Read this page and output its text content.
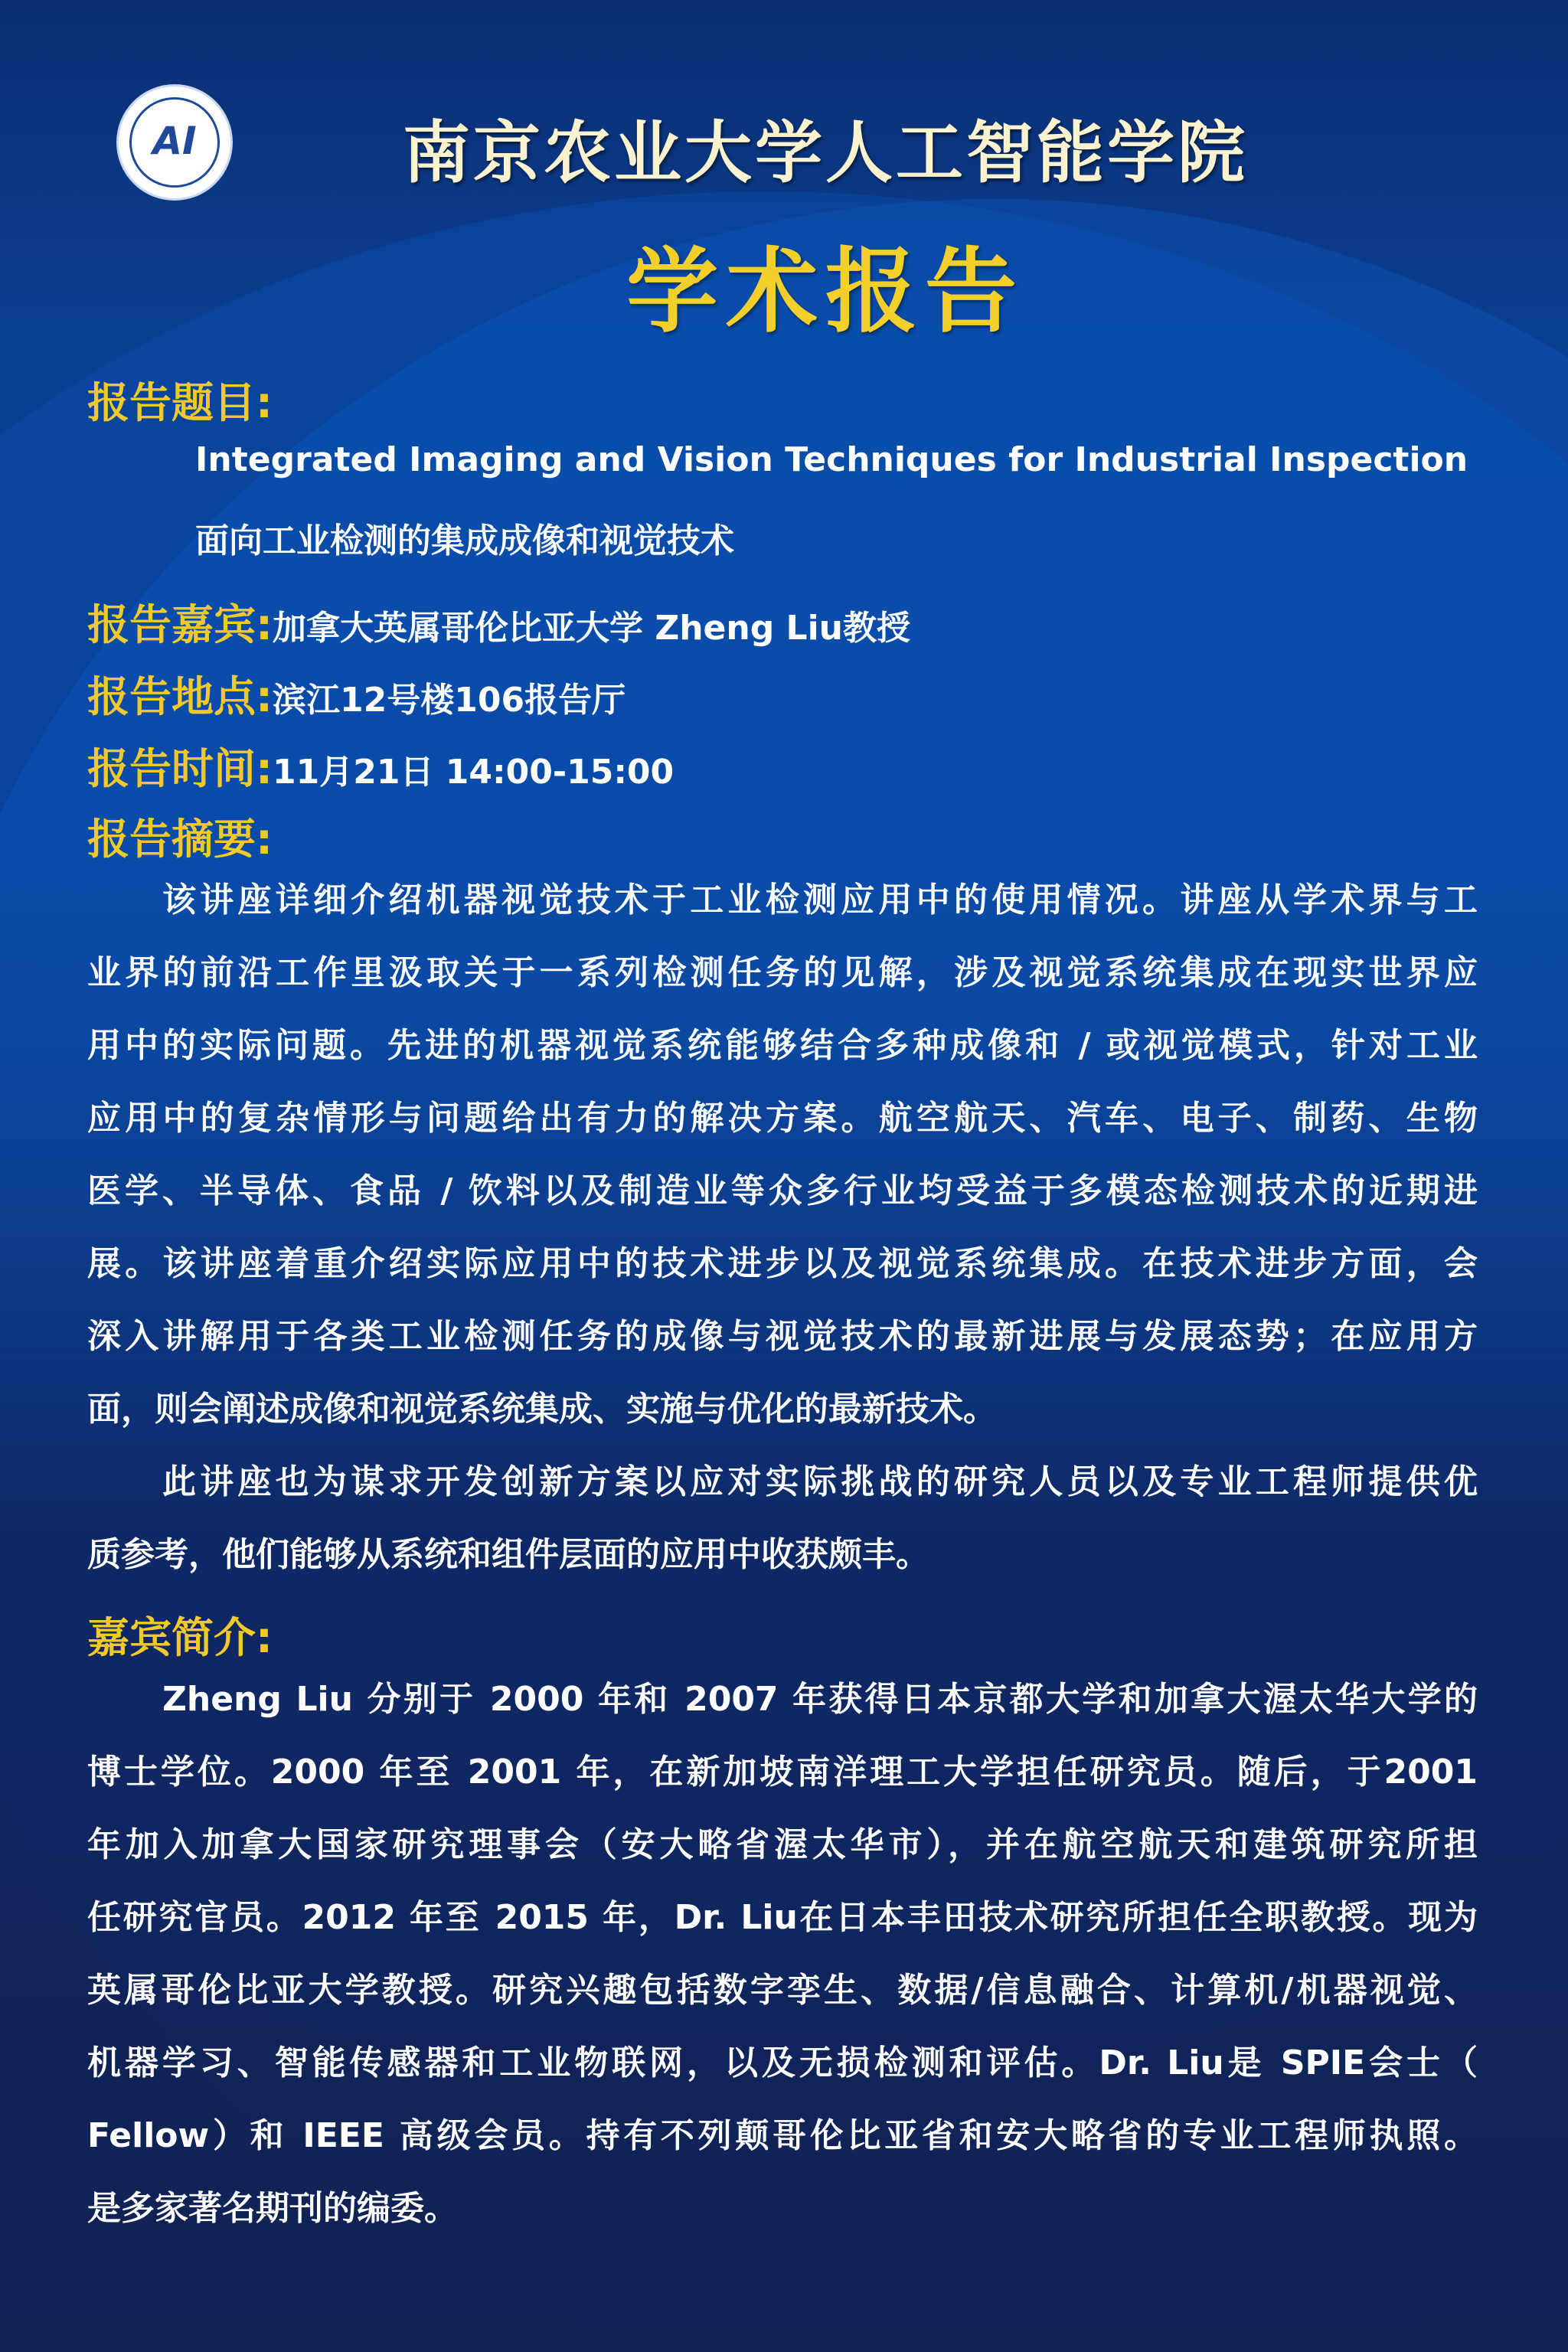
AI	南京农业大学人工智能学院
学术报告
报告题目:
Integrated Imaging and Vision Techniques for Industrial Inspection
面向工业检测的集成成像和视觉技术
报告嘉宾: 加拿大英属哥伦比亚大学 Zheng Liu教授
报告地点: 滨江12号楼106报告厅
报告时间: 11月21日 14:00-15:00
报告摘要:
该讲座详细介绍机器视觉技术于工业检测应用中的使用情况。讲座从学术界与工
业界的前沿工作里汲取关于一系列检测任务的见解，涉及视觉系统集成在现实世界应
用中的实际问题。先进的机器视觉系统能够结合多种成像和 / 或视觉模式，针对工业
应用中的复杂情形与问题给出有力的解决方案。航空航天、汽车、电子、制药、生物
医学、半导体、食品 / 饮料以及制造业等众多行业均受益于多模态检测技术的近期进
展。该讲座着重介绍实际应用中的技术进步以及视觉系统集成。在技术进步方面，会
深入讲解用于各类工业检测任务的成像与视觉技术的最新进展与发展态势；在应用方
面，则会阐述成像和视觉系统集成、实施与优化的最新技术。
此讲座也为谋求开发创新方案以应对实际挑战的研究人员以及专业工程师提供优
质参考，他们能够从系统和组件层面的应用中收获颇丰。
嘉宾简介:
Zheng Liu 分别于 2000 年和 2007 年获得日本京都大学和加拿大渥太华大学的
博士学位。2000 年至 2001 年，在新加坡南洋理工大学担任研究员。随后，于2001
年加入加拿大国家研究理事会（安大略省渥太华市），并在航空航天和建筑研究所担
任研究官员。2012 年至 2015 年，Dr. Liu在日本丰田技术研究所担任全职教授。现为
英属哥伦比亚大学教授。研究兴趣包括数字孪生、数据/信息融合、计算机/机器视觉、
机器学习、智能传感器和工业物联网，以及无损检测和评估。Dr. Liu是 SPIE会士（
Fellow）和 IEEE 高级会员。持有不列颠哥伦比亚省和安大略省的专业工程师执照。
是多家著名期刊的编委。
